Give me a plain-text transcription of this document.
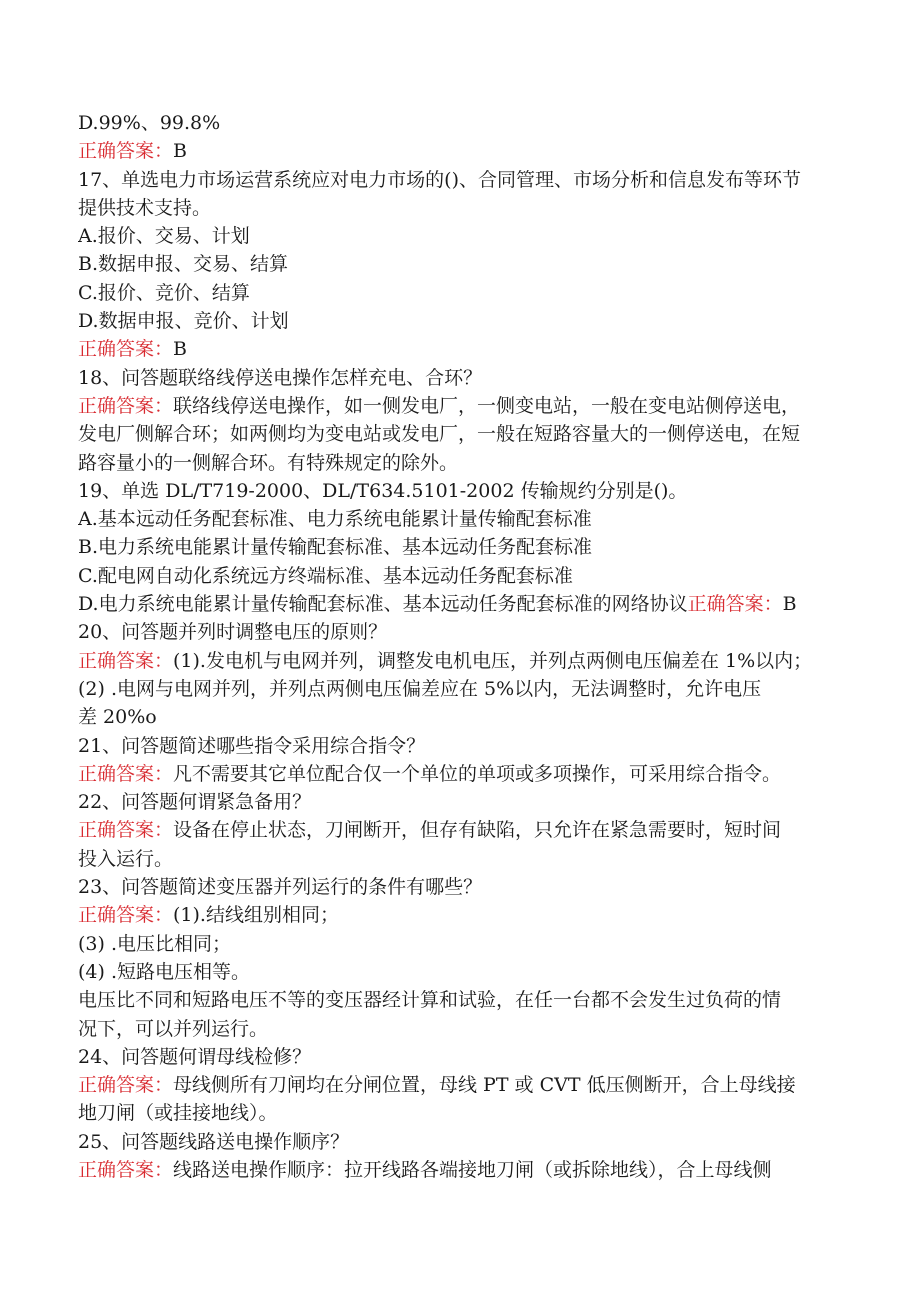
D.99%、99.8%
正确答案：B
17、单选电力市场运营系统应对电力市场的()、合同管理、市场分析和信息发布等环节
提供技术支持。
A.报价、交易、计划
B.数据申报、交易、结算
C.报价、竞价、结算
D.数据申报、竞价、计划
正确答案：B
18、问答题联络线停送电操作怎样充电、合环？
正确答案：联络线停送电操作，如一侧发电厂，一侧变电站，一般在变电站侧停送电，
发电厂侧解合环；如两侧均为变电站或发电厂，一般在短路容量大的一侧停送电，在短
路容量小的一侧解合环。有特殊规定的除外。
19、单选 DL/T719-2000、DL/T634.5101-2002 传输规约分别是()。
A.基本远动任务配套标准、电力系统电能累计量传输配套标准
B.电力系统电能累计量传输配套标准、基本远动任务配套标准
C.配电网自动化系统远方终端标准、基本远动任务配套标准
D.电力系统电能累计量传输配套标准、基本远动任务配套标准的网络协议正确答案：B
20、问答题并列时调整电压的原则？
正确答案：(1).发电机与电网并列，调整发电机电压，并列点两侧电压偏差在 1%以内；
(2) .电网与电网并列，并列点两侧电压偏差应在 5%以内，无法调整时，允许电压
差 20%o
21、问答题简述哪些指令采用综合指令？
正确答案：凡不需要其它单位配合仅一个单位的单项或多项操作，可采用综合指令。
22、问答题何谓紧急备用？
正确答案：设备在停止状态，刀闸断开，但存有缺陷，只允许在紧急需要时，短时间
投入运行。
23、问答题简述变压器并列运行的条件有哪些？
正确答案：(1).结线组别相同；
(3) .电压比相同；
(4) .短路电压相等。
电压比不同和短路电压不等的变压器经计算和试验，在任一台都不会发生过负荷的情
况下，可以并列运行。
24、问答题何谓母线检修？
正确答案：母线侧所有刀闸均在分闸位置，母线 PT 或 CVT 低压侧断开，合上母线接
地刀闸（或挂接地线）。
25、问答题线路送电操作顺序？
正确答案：线路送电操作顺序：拉开线路各端接地刀闸（或拆除地线），合上母线侧
